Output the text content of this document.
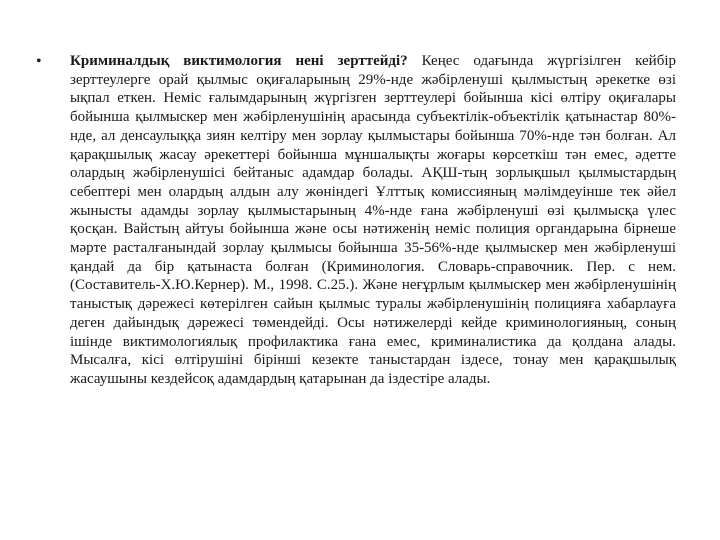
• Криминалдық виктимология нені зерттейді? Кеңес одағында жүргізілген кейбір зерттеулерге орай қылмыс оқиғаларының 29%-нде жәбірленуші қылмыстың әрекетке өзі ықпал еткен. Неміс ғалымдарының жүргізген зерттеулері бойынша кісі өлтіру оқиғалары бойынша қылмыскер мен жәбірленушінің арасында субъектілік-объектілік қатынастар 80%-нде, ал денсаулыққа зиян келтіру мен зорлау қылмыстары бойынша 70%-нде тән болған. Ал қарақшылық жасау әрекеттері бойынша мұншалықты жоғары көрсеткіш тән емес, әдетте олардың жәбірленушісі бейтаныс адамдар болады. АҚШ-тың зорлықшыл қылмыстардың себептері мен олардың алдын алу жөніндегі Ұлттық комиссияның мәлімдеуінше тек әйел жынысты адамды зорлау қылмыстарының 4%-нде ғана жәбірленуші өзі қылмысқа үлес қосқан. Вайстың айтуы бойынша және осы нәтиженің неміс полиция органдарына бірнеше мәрте расталғанындай зорлау қылмысы бойынша 35-56%-нде қылмыскер мен жәбірленуші қандай да бір қатынаста болған (Криминология. Словарь-справочник. Пер. с нем. (Составитель-Х.Ю.Кернер). М., 1998. С.25.). Және неғұрлым қылмыскер мен жәбірленушінің таныстық дәрежесі көтерілген сайын қылмыс туралы жәбірленушінің полицияға хабарлауға деген дайындық дәрежесі төмендейді. Осы нәтижелерді кейде криминологияның, соның ішінде виктимологиялық профилактика ғана емес, криминалистика да қолдана алады. Мысалға, кісі өлтірушіні бірінші кезекте таныстардан іздесе, тонау мен қарақшылық жасаушыны кездейсоқ адамдардың қатарынан да іздестіре алады.
